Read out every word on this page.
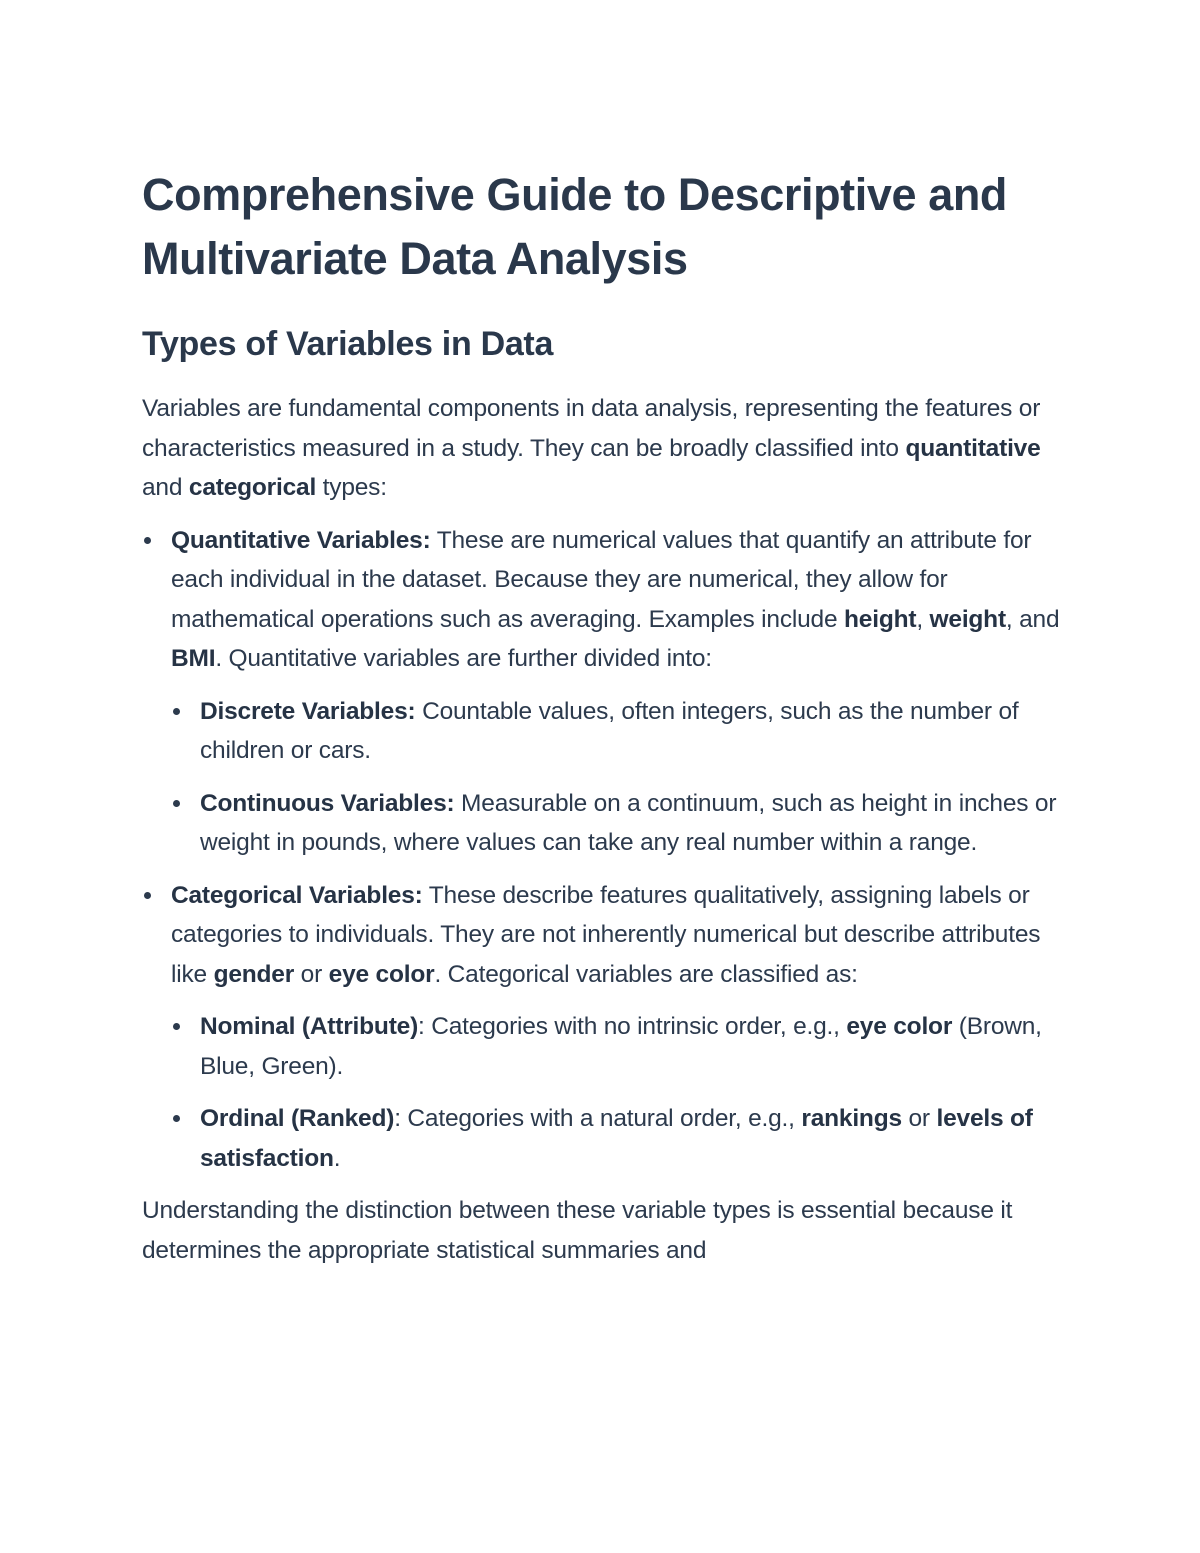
Comprehensive Guide to Descriptive and Multivariate Data Analysis
Types of Variables in Data

Variables are fundamental components in data analysis, representing the features or characteristics measured in a study. They can be broadly classified into quantitative and categorical types:

Quantitative Variables: These are numerical values that quantify an attribute for each individual in the dataset. Because they are numerical, they allow for mathematical operations such as averaging. Examples include height, weight, and BMI. Quantitative variables are further divided into:
Discrete Variables: Countable values, often integers, such as the number of children or cars.
Continuous Variables: Measurable on a continuum, such as height in inches or weight in pounds, where values can take any real number within a range.
Categorical Variables: These describe features qualitatively, assigning labels or categories to individuals. They are not inherently numerical but describe attributes like gender or eye color. Categorical variables are classified as:
Nominal (Attribute): Categories with no intrinsic order, e.g., eye color (Brown, Blue, Green).
Ordinal (Ranked): Categories with a natural order, e.g., rankings or levels of satisfaction.

Understanding the distinction between these variable types is essential because it determines the appropriate statistical summaries and
